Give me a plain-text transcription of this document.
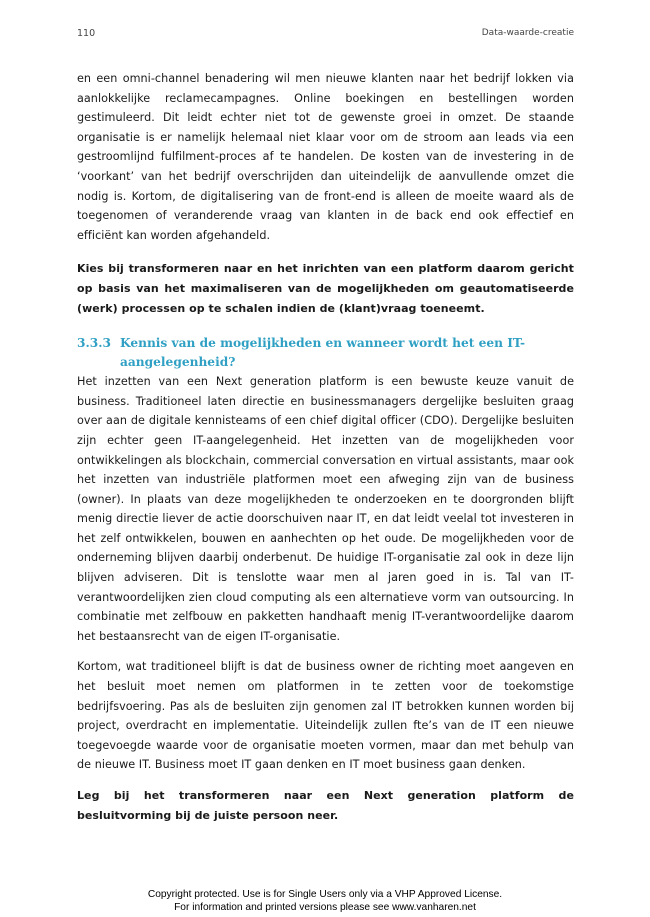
110	Data-waarde-creatie

en een omni-channel benadering wil men nieuwe klanten naar het bedrijf lokken via aanlokkelijke reclamecampagnes. Online boekingen en bestellingen worden gestimuleerd. Dit leidt echter niet tot de gewenste groei in omzet. De staande organisatie is er namelijk helemaal niet klaar voor om de stroom aan leads via een gestroomlijnd fulfilment-proces af te handelen. De kosten van de investering in de ‘voorkant’ van het bedrijf overschrijden dan uiteindelijk de aanvullende omzet die nodig is. Kortom, de digitalisering van de front-end is alleen de moeite waard als de toegenomen of veranderende vraag van klanten in de back end ook effectief en efficiënt kan worden afgehandeld.

Kies bij transformeren naar en het inrichten van een platform daarom gericht op basis van het maximaliseren van de mogelijkheden om geautomatiseerde (werk) processen op te schalen indien de (klant)vraag toeneemt.

3.3.3 Kennis van de mogelijkheden en wanneer wordt het een IT-aangelegenheid?

Het inzetten van een Next generation platform is een bewuste keuze vanuit de business. Traditioneel laten directie en businessmanagers dergelijke besluiten graag over aan de digitale kennisteams of een chief digital officer (CDO). Dergelijke besluiten zijn echter geen IT-aangelegenheid. Het inzetten van de mogelijkheden voor ontwikkelingen als blockchain, commercial conversation en virtual assistants, maar ook het inzetten van industriële platformen moet een afweging zijn van de business (owner). In plaats van deze mogelijkheden te onderzoeken en te doorgronden blijft menig directie liever de actie doorschuiven naar IT, en dat leidt veelal tot investeren in het zelf ontwikkelen, bouwen en aanhechten op het oude. De mogelijkheden voor de onderneming blijven daarbij onderbenut. De huidige IT-organisatie zal ook in deze lijn blijven adviseren. Dit is tenslotte waar men al jaren goed in is. Tal van IT-verantwoordelijken zien cloud computing als een alternatieve vorm van outsourcing. In combinatie met zelfbouw en pakketten handhaaft menig IT-verantwoordelijke daarom het bestaansrecht van de eigen IT-organisatie.

Kortom, wat traditioneel blijft is dat de business owner de richting moet aangeven en het besluit moet nemen om platformen in te zetten voor de toekomstige bedrijfsvoering. Pas als de besluiten zijn genomen zal IT betrokken kunnen worden bij project, overdracht en implementatie. Uiteindelijk zullen fte’s van de IT een nieuwe toegevoegde waarde voor de organisatie moeten vormen, maar dan met behulp van de nieuwe IT. Business moet IT gaan denken en IT moet business gaan denken.

Leg bij het transformeren naar een Next generation platform de besluitvorming bij de juiste persoon neer.

Copyright protected. Use is for Single Users only via a VHP Approved License.
For information and printed versions please see www.vanharen.net
